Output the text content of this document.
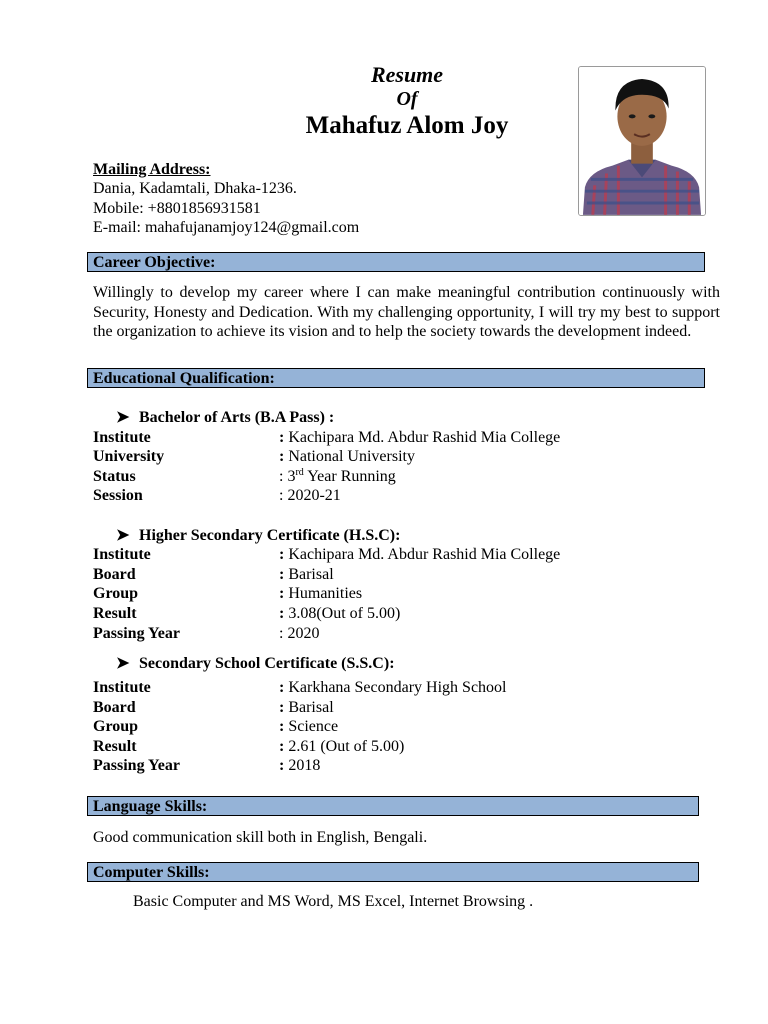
Resume
Of
Mahafuz Alom Joy
Mailing Address:
Dania, Kadamtali, Dhaka-1236.
Mobile: +8801856931581
E-mail: mahafujanamjoy124@gmail.com
Career Objective:
Willingly to develop my career where I can make meaningful contribution continuously with Security, Honesty and Dedication. With my challenging opportunity, I will try my best to support the organization to achieve its vision and to help the society towards the development indeed.
Educational Qualification:
➤ Bachelor of Arts (B.A Pass) :
Institute	: Kachipara Md. Abdur Rashid Mia College
University	: National University
Status	: 3rd Year Running
Session	: 2020-21
➤ Higher Secondary Certificate (H.S.C):
Institute	: Kachipara Md. Abdur Rashid Mia College
Board	: Barisal
Group	: Humanities
Result	: 3.08(Out of 5.00)
Passing Year	: 2020
➤ Secondary School Certificate (S.S.C):
Institute	: Karkhana Secondary High School
Board	: Barisal
Group	: Science
Result	: 2.61 (Out of 5.00)
Passing Year	: 2018
Language Skills:
Good communication skill both in English, Bengali.
Computer Skills:
Basic Computer and MS Word, MS Excel, Internet Browsing .
